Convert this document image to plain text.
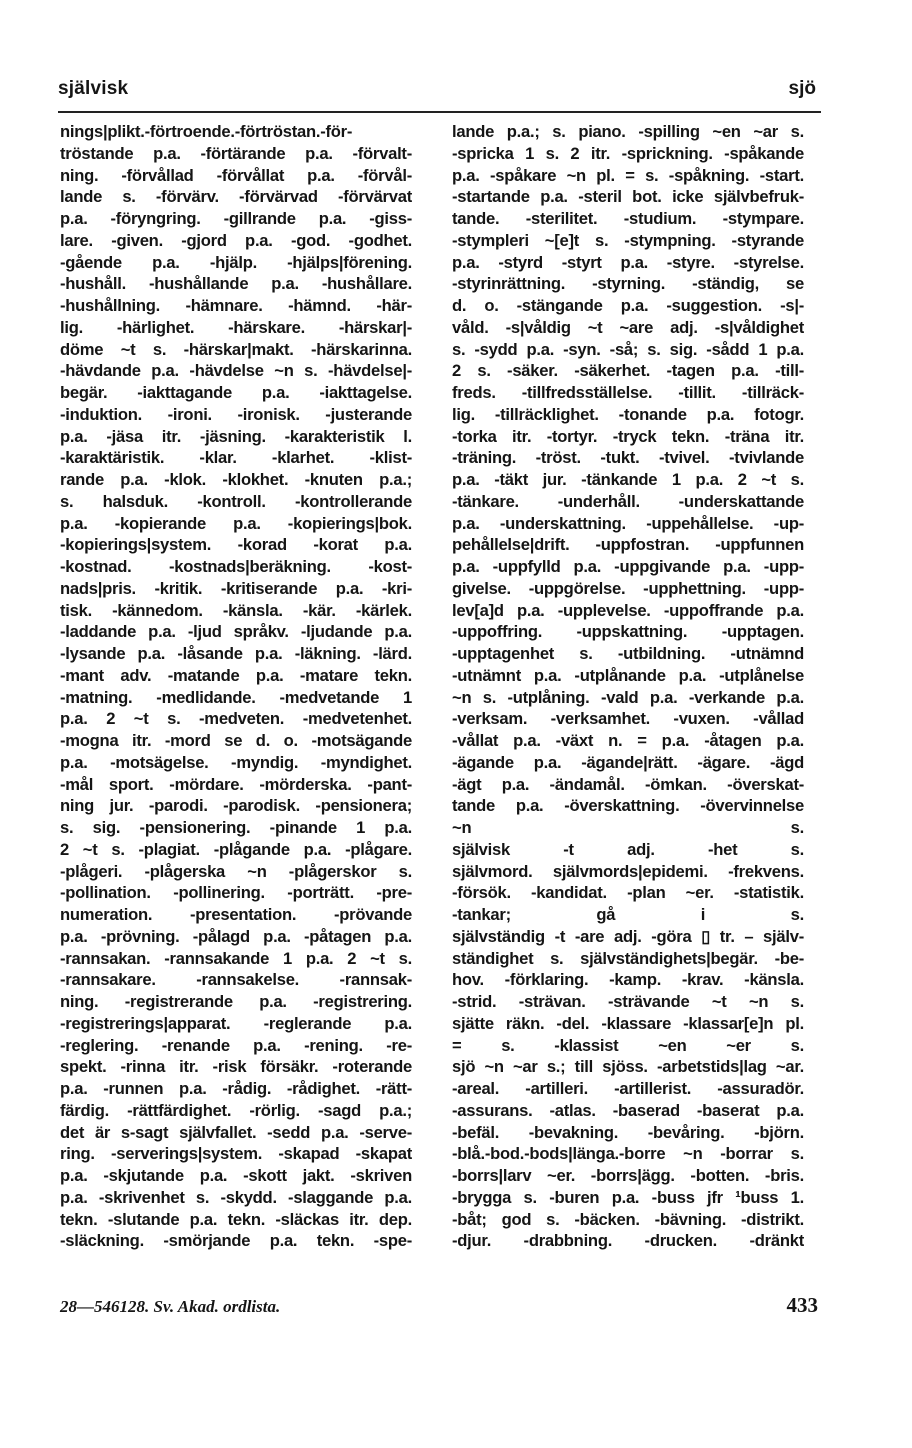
självisk	sjö
nings|plikt.-förtroende.-förtröstan.-för-
tröstande p.a. -förtärande p.a. -förvalt-
ning. -förvållad -förvållat p.a. -förvål-
lande s. -förvärv. -förvärvad -förvärvat
p.a. -föryngring. -gillrande p.a. -giss-
lare. -given. -gjord p.a. -god. -godhet.
-gående p.a. -hjälp. -hjälps|förening.
-hushåll. -hushållande p.a. -hushållare.
-hushållning. -hämnare. -hämnd. -här-
lig. -härlighet. -härskare. -härskar|-
döme ~t s. -härskar|makt. -härskarinna.
-hävdande p.a. -hävdelse ~n s. -hävdelse|-
begär. -iakttagande p.a. -iakttagelse.
-induktion. -ironi. -ironisk. -justerande
p.a. -jäsa itr. -jäsning. -karakteristik l.
-karaktäristik. -klar. -klarhet. -klist-
rande p.a. -klok. -klokhet. -knuten p.a.;
s. halsduk. -kontroll. -kontrollerande
p.a. -kopierande p.a. -kopierings|bok.
-kopierings|system. -korad -korat p.a.
-kostnad. -kostnads|beräkning. -kost-
nads|pris. -kritik. -kritiserande p.a. -kri-
tisk. -kännedom. -känsla. -kär. -kärlek.
-laddande p.a. -ljud språkv. -ljudande p.a.
-lysande p.a. -låsande p.a. -läkning. -lärd.
-mant adv. -matande p.a. -matare tekn.
-matning. -medlidande. -medvetande 1
p.a. 2 ~t s. -medveten. -medvetenhet.
-mogna itr. -mord se d. o. -motsägande
p.a. -motsägelse. -myndig. -myndighet.
-mål sport. -mördare. -mörderska. -pant-
ning jur. -parodi. -parodisk. -pensionera;
s. sig. -pensionering. -pinande 1 p.a.
2 ~t s. -plagiat. -plågande p.a. -plågare.
-plågeri. -plågerska ~n -plågerskor s.
-pollination. -pollinering. -porträtt. -pre-
numeration. -presentation. -prövande
p.a. -prövning. -pålagd p.a. -påtagen p.a.
-rannsakan. -rannsakande 1 p.a. 2 ~t s.
-rannsakare. -rannsakelse. -rannsak-
ning. -registrerande p.a. -registrering.
-registrerings|apparat. -reglerande p.a.
-reglering. -renande p.a. -rening. -re-
spekt. -rinna itr. -risk försäkr. -roterande
p.a. -runnen p.a. -rådig. -rådighet. -rätt-
färdig. -rättfärdighet. -rörlig. -sagd p.a.;
det är s-sagt självfallet. -sedd p.a. -serve-
ring. -serverings|system. -skapad -skapat
p.a. -skjutande p.a. -skott jakt. -skriven
p.a. -skrivenhet s. -skydd. -slaggande p.a.
tekn. -slutande p.a. tekn. -släckas itr. dep.
-släckning. -smörjande p.a. tekn. -spe-
lande p.a.; s. piano. -spilling ~en ~ar s.
-spricka 1 s. 2 itr. -sprickning. -spåkande
p.a. -spåkare ~n pl. = s. -spåkning. -start.
-startande p.a. -steril bot. icke självbefruk-
tande. -sterilitet. -studium. -stympare.
-stympleri ~[e]t s. -stympning. -styrande
p.a. -styrd -styrt p.a. -styre. -styrelse.
-styrinrättning. -styrning. -ständig, se
d. o. -stängande p.a. -suggestion. -s|-
våld. -s|våldig ~t ~are adj. -s|våldighet
s. -sydd p.a. -syn. -så; s. sig. -sådd 1 p.a.
2 s. -säker. -säkerhet. -tagen p.a. -till-
freds. -tillfredsställelse. -tillit. -tillräck-
lig. -tillräcklighet. -tonande p.a. fotogr.
-torka itr. -tortyr. -tryck tekn. -träna itr.
-träning. -tröst. -tukt. -tvivel. -tvivlande
p.a. -täkt jur. -tänkande 1 p.a. 2 ~t s.
-tänkare. -underhåll. -underskattande
p.a. -underskattning. -uppehållelse. -up-
pehållelse|drift. -uppfostran. -uppfunnen
p.a. -uppfylld p.a. -uppgivande p.a. -upp-
givelse. -uppgörelse. -upphettning. -upp-
lev[a]d p.a. -upplevelse. -uppoffrande p.a.
-uppoffring. -uppskattning. -upptagen.
-upptagenhet s. -utbildning. -utnämnd
-utnämnt p.a. -utplånande p.a. -utplånelse
~n s. -utplåning. -vald p.a. -verkande p.a.
-verksam. -verksamhet. -vuxen. -vållad
-vållat p.a. -växt n. = p.a. -åtagen p.a.
-ägande p.a. -ägande|rätt. -ägare. -ägd
-ägt p.a. -ändamål. -ömkan. -överskat-
tande p.a. -överskattning. -övervinnelse
~n s.
självisk -t adj. -het s.
självmord. självmords|epidemi. -frekvens.
-försök. -kandidat. -plan ~er. -statistik.
-tankar; gå i s.
självständig -t -are adj. -göra ▯ tr. – själv-
ständighet s. självständighets|begär. -be-
hov. -förklaring. -kamp. -krav. -känsla.
-strid. -strävan. -strävande ~t ~n s.
sjätte räkn. -del. -klassare -klassar[e]n pl.
= s. -klassist ~en ~er s.
sjö ~n ~ar s.; till sjöss. -arbetstids|lag ~ar.
-areal. -artilleri. -artillerist. -assuradör.
-assurans. -atlas. -baserad -baserat p.a.
-befäl. -bevakning. -bevåring. -björn.
-blå.-bod.-bods|länga.-borre ~n -borrar s.
-borrs|larv ~er. -borrs|ägg. -botten. -bris.
-brygga s. -buren p.a. -buss jfr ¹buss 1.
-båt; god s. -bäcken. -bävning. -distrikt.
-djur. -drabbning. -drucken. -dränkt
28—546128. Sv. Akad. ordlista.	433
